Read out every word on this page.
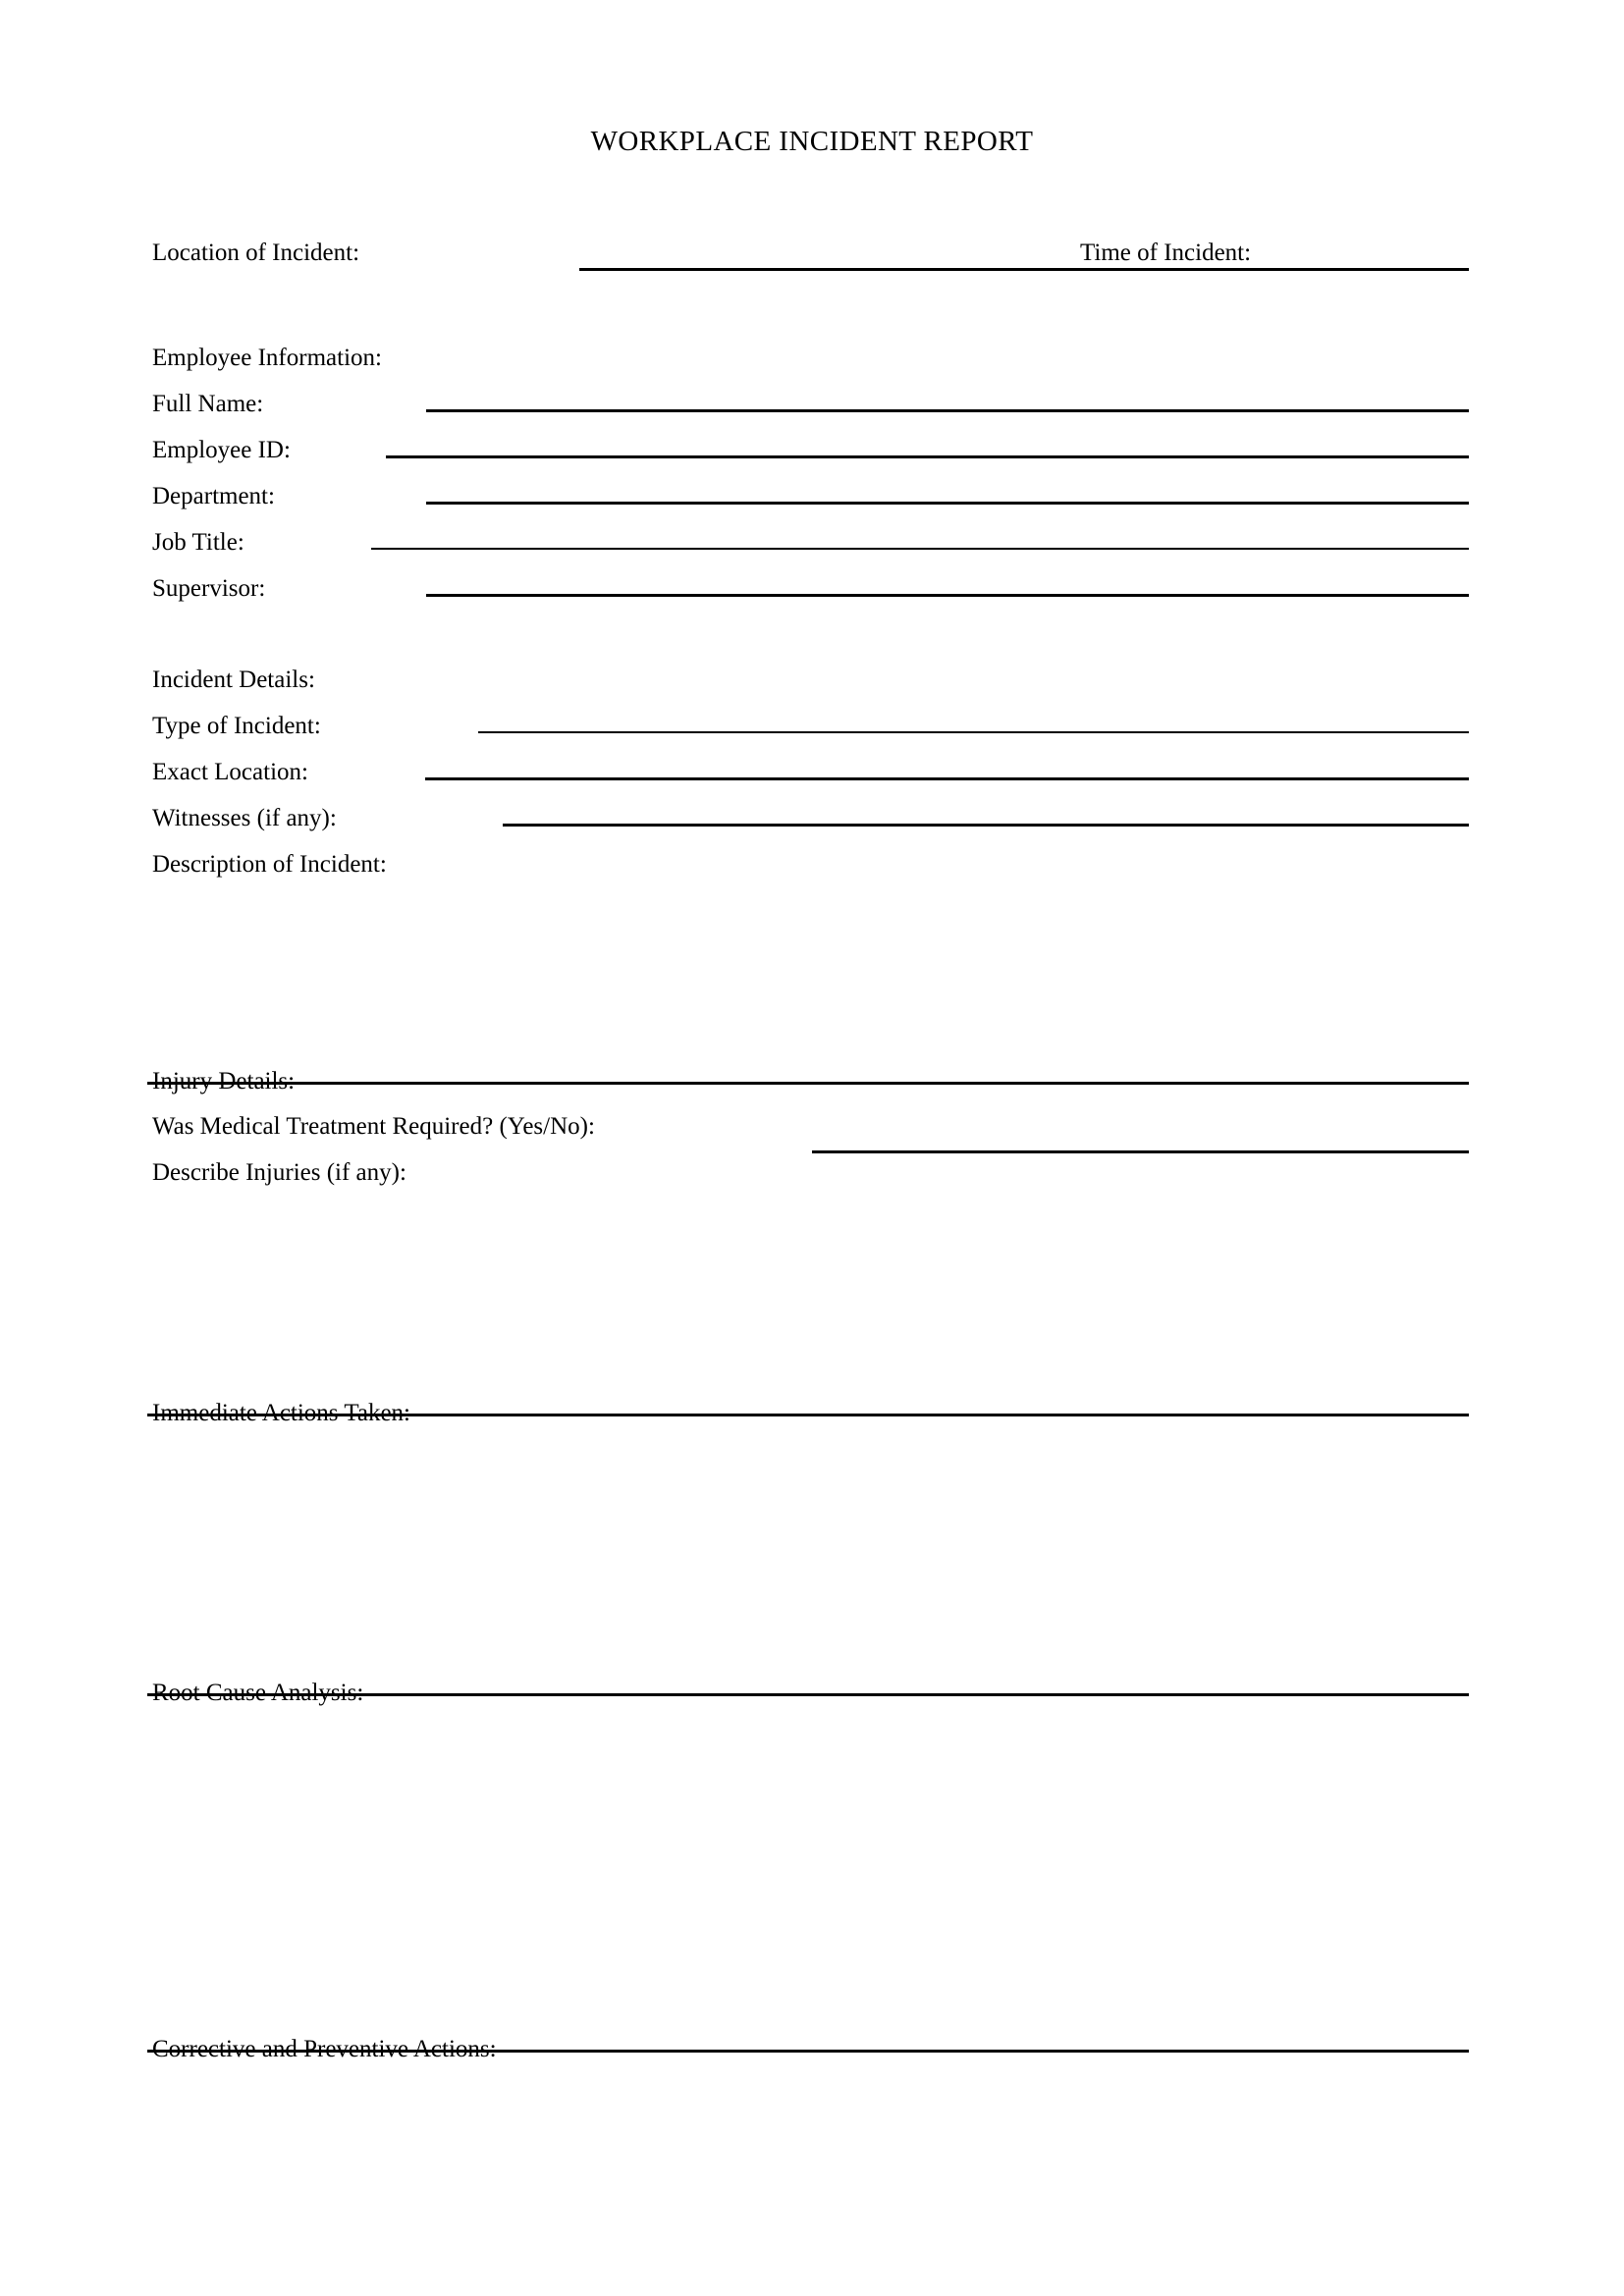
WORKPLACE INCIDENT REPORT
Location of Incident:	Time of Incident:
Employee Information:
Full Name:
Employee ID:
Department:
Job Title:
Supervisor:
Incident Details:
Type of Incident:
Exact Location:
Witnesses (if any):
Description of Incident:
Injury Details:
Was Medical Treatment Required? (Yes/No):
Describe Injuries (if any):
Immediate Actions Taken:
Root Cause Analysis:
Corrective and Preventive Actions:
